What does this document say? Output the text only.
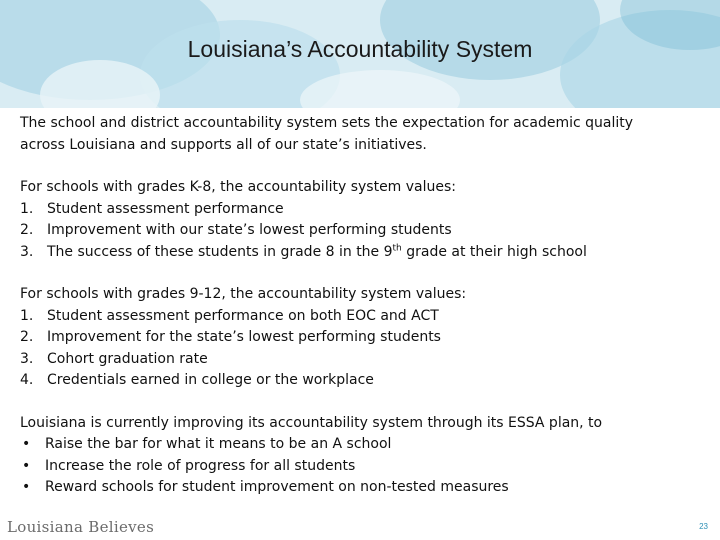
Louisiana’s Accountability System
The school and district accountability system sets the expectation for academic quality
across Louisiana and supports all of our state’s initiatives.
For schools with grades K-8, the accountability system values:
1. Student assessment performance
2. Improvement with our state’s lowest performing students
3. The success of these students in grade 8 in the 9th grade at their high school
For schools with grades 9-12, the accountability system values:
1. Student assessment performance on both EOC and ACT
2. Improvement for the state’s lowest performing students
3. Cohort graduation rate
4. Credentials earned in college or the workplace
Louisiana is currently improving its accountability system through its ESSA plan, to
• Raise the bar for what it means to be an A school
• Increase the role of progress for all students
• Reward schools for student improvement on non-tested measures
Louisiana Believes	23
